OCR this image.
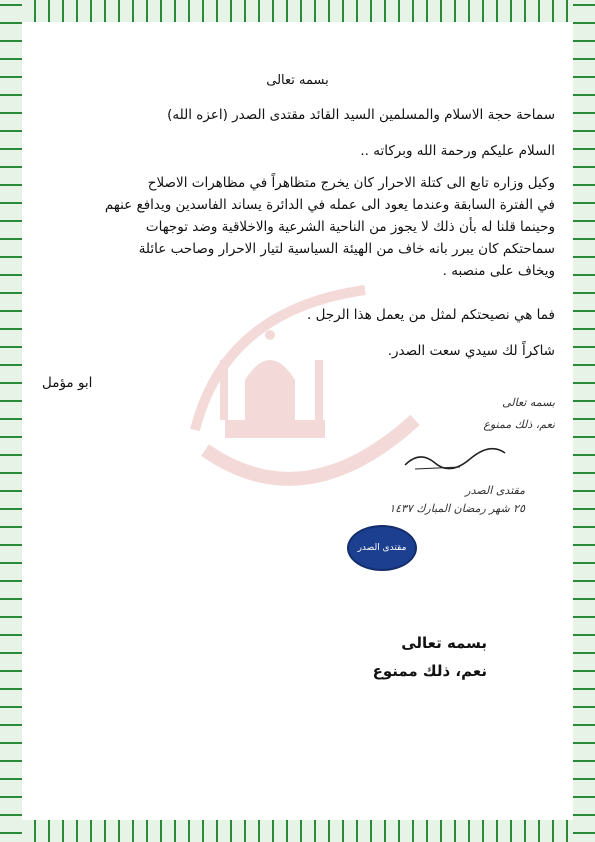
بسمه تعالى
سماحة حجة الاسلام والمسلمين السيد القائد مقتدى الصدر (اعزه الله)
السلام عليكم ورحمة الله وبركاته ..
وكيل وزاره تابع الى كتلة الاحرار كان يخرج متظاهراً في مظاهرات الاصلاح
في الفترة السابقة وعندما يعود الى عمله في الدائرة يساند الفاسدين ويدافع عنهم
وحينما قلنا له بأن ذلك لا يجوز من الناحية الشرعية والاخلاقية وضد توجهات
سماحتكم كان يبرر بانه خاف من الهيئة السياسية لتيار الاحرار وصاحب عائلة
ويخاف على منصبه .
فما هي نصيحتكم لمثل من يعمل هذا الرجل .
شاكراً لك سيدي سعت الصدر.
ابو مؤمل
بسمه تعالى
نعم، ذلك ممنوع
مقتدى الصدر
٢٥ شهر رمضان المبارك ١٤٣٧
مقتدى الصدر
بسمه تعالى
نعم، ذلك ممنوع
